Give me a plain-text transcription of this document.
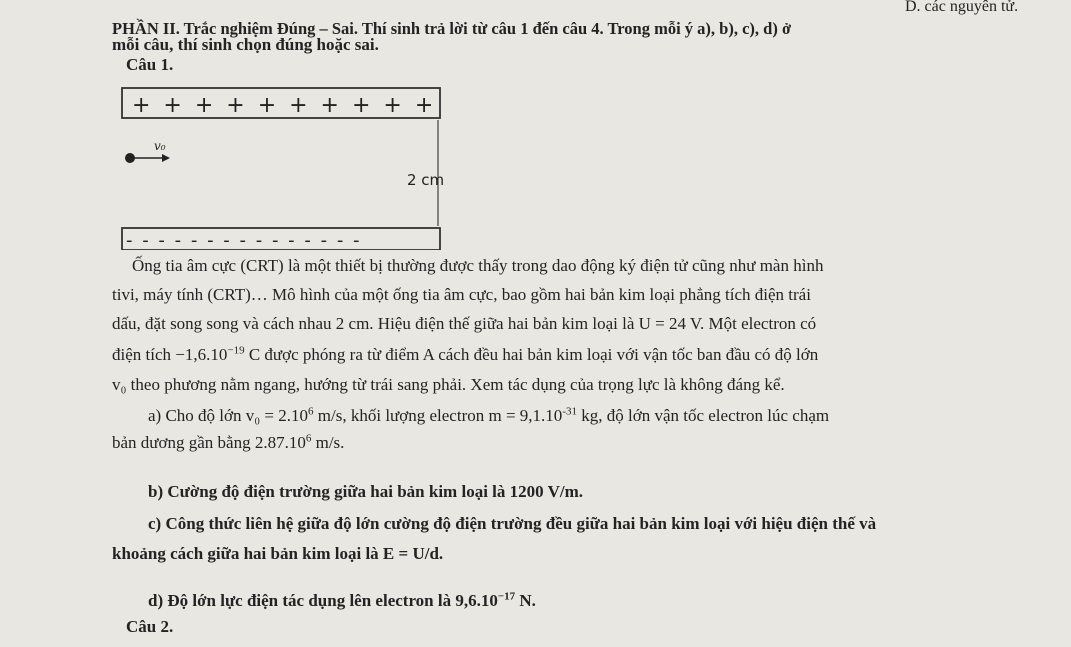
D. các nguyên tử.
PHẦN II. Trắc nghiệm Đúng – Sai. Thí sinh trả lời từ câu 1 đến câu 4. Trong mỗi ý a), b), c), d) ở
mỗi câu, thí sinh chọn đúng hoặc sai.
Câu 1.
+ + + + + + + + + +
- - - - - - - - - - - - - - -
2 cm
v₀
Ống tia âm cực (CRT) là một thiết bị thường được thấy trong dao động ký điện tử cũng như màn hình
tivi, máy tính (CRT)… Mô hình của một ống tia âm cực, bao gồm hai bản kim loại phẳng tích điện trái
dấu, đặt song song và cách nhau 2 cm. Hiệu điện thế giữa hai bản kim loại là U = 24 V. Một electron có
điện tích $-1,6.10^{-19}$ C được phóng ra từ điểm A cách đều hai bản kim loại với vận tốc ban đầu có độ lớn
v₀ theo phương nằm ngang, hướng từ trái sang phải. Xem tác dụng của trọng lực là không đáng kể.
a) Cho độ lớn $v_0 = 2.10^6$ m/s, khối lượng electron $m = 9,1.10^{-31}$ kg, độ lớn vận tốc electron lúc chạm
bản dương gần bằng 2.87.10$^6$ m/s.
b) Cường độ điện trường giữa hai bản kim loại là 1200 V/m.
c) Công thức liên hệ giữa độ lớn cường độ điện trường đều giữa hai bản kim loại với hiệu điện thế và
khoảng cách giữa hai bản kim loại là E = U/d.
d) Độ lớn lực điện tác dụng lên electron là $9,6.10^{-17}$ N.
Câu 2.
